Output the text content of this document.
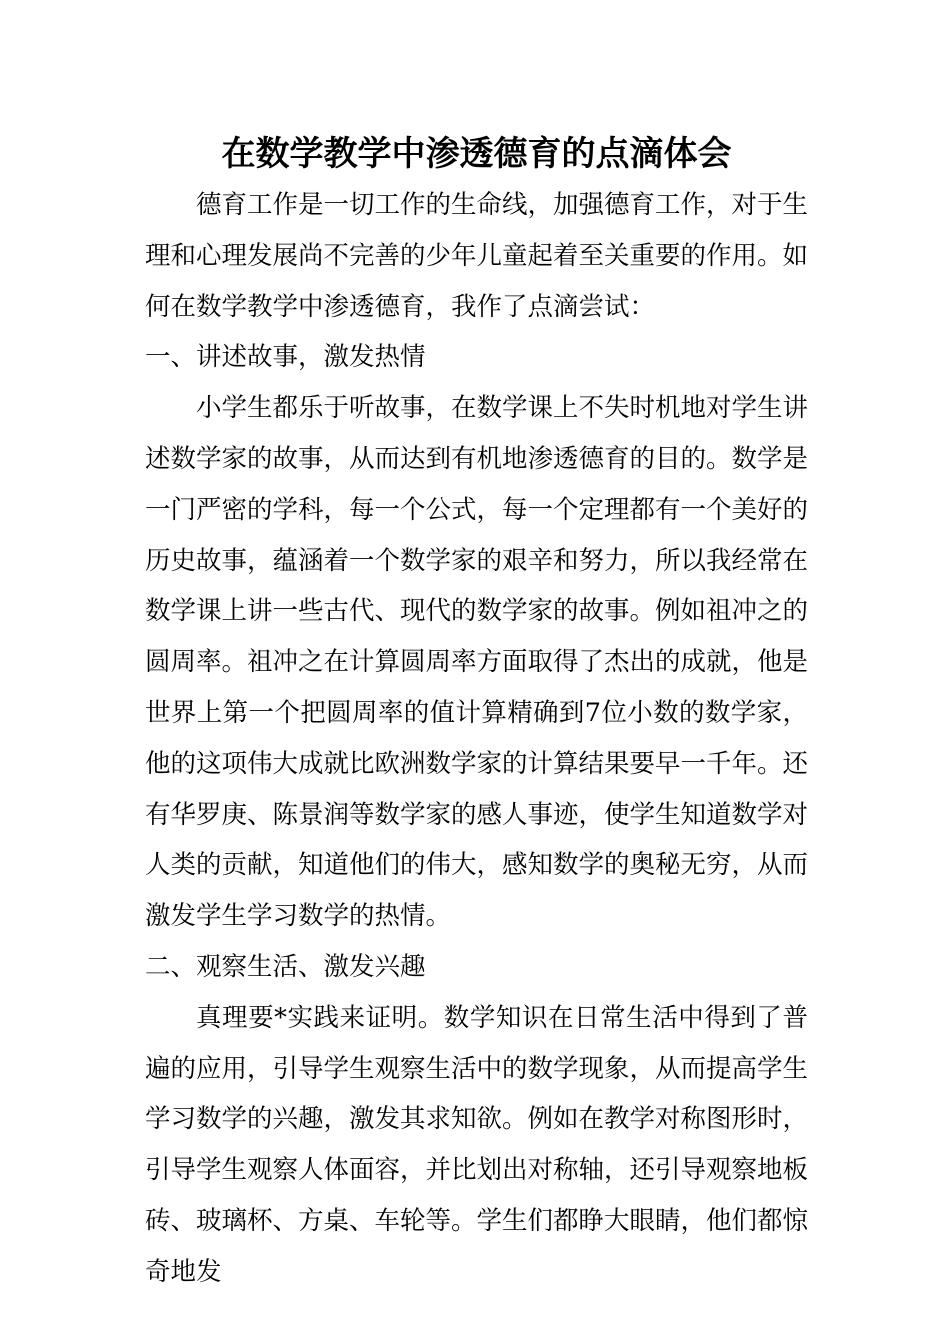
在数学教学中渗透德育的点滴体会

德育工作是一切工作的生命线，加强德育工作，对于生理和心理发展尚不完善的少年儿童起着至关重要的作用。如何在数学教学中渗透德育，我作了点滴尝试：

一、讲述故事，激发热情

小学生都乐于听故事，在数学课上不失时机地对学生讲述数学家的故事，从而达到有机地渗透德育的目的。数学是一门严密的学科，每一个公式，每一个定理都有一个美好的历史故事，蕴涵着一个数学家的艰辛和努力，所以我经常在数学课上讲一些古代、现代的数学家的故事。例如祖冲之的圆周率。祖冲之在计算圆周率方面取得了杰出的成就，他是世界上第一个把圆周率的值计算精确到7位小数的数学家，他的这项伟大成就比欧洲数学家的计算结果要早一千年。还有华罗庚、陈景润等数学家的感人事迹，使学生知道数学对人类的贡献，知道他们的伟大，感知数学的奥秘无穷，从而激发学生学习数学的热情。

二、观察生活、激发兴趣

真理要*实践来证明。数学知识在日常生活中得到了普遍的应用，引导学生观察生活中的数学现象，从而提高学生学习数学的兴趣，激发其求知欲。例如在教学对称图形时，引导学生观察人体面容，并比划出对称轴，还引导观察地板砖、玻璃杯、方桌、车轮等。学生们都睁大眼睛，他们都惊奇地发
